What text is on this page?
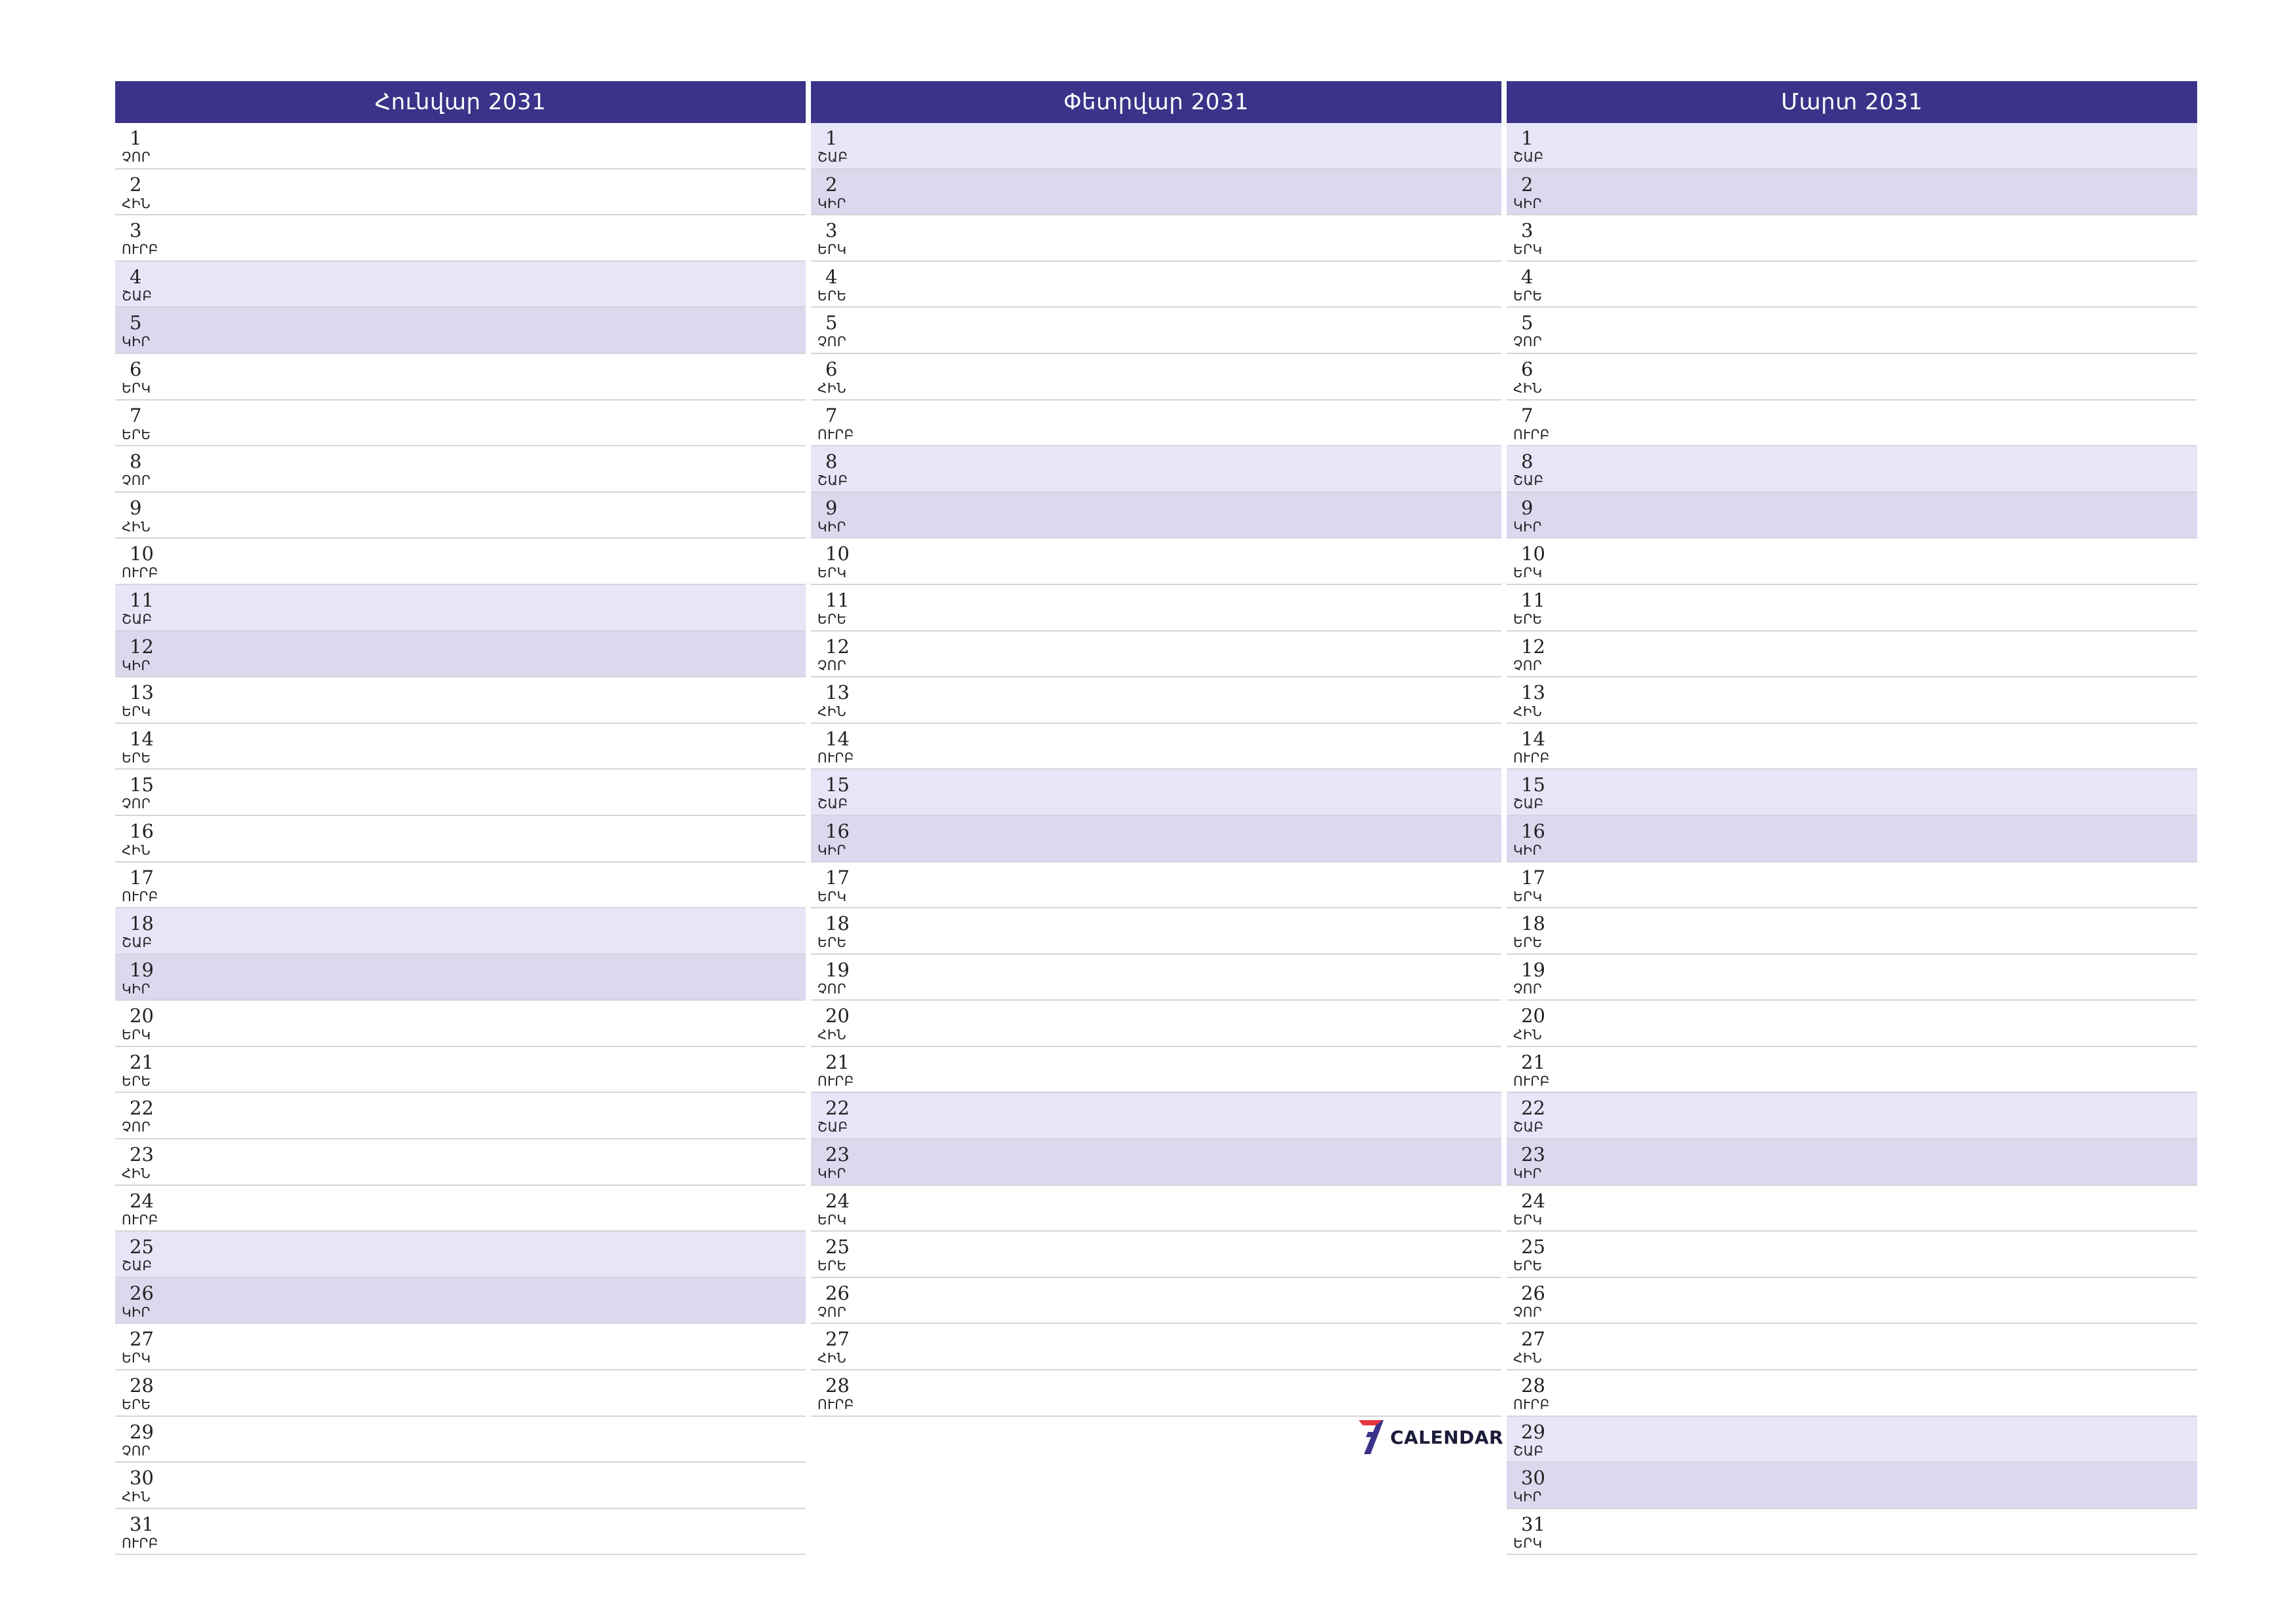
Հունվար 2031
1
ՉՈՐ
2
ՀԻՆ
3
ՈՒՐԲ
4
ՇԱԲ
5
ԿԻՐ
6
ԵՐԿ
7
ԵՐԵ
8
ՉՈՐ
9
ՀԻՆ
10
ՈՒՐԲ
11
ՇԱԲ
12
ԿԻՐ
13
ԵՐԿ
14
ԵՐԵ
15
ՉՈՐ
16
ՀԻՆ
17
ՈՒՐԲ
18
ՇԱԲ
19
ԿԻՐ
20
ԵՐԿ
21
ԵՐԵ
22
ՉՈՐ
23
ՀԻՆ
24
ՈՒՐԲ
25
ՇԱԲ
26
ԿԻՐ
27
ԵՐԿ
28
ԵՐԵ
29
ՉՈՐ
30
ՀԻՆ
31
ՈՒՐԲ
Փետրվար 2031
1
ՇԱԲ
2
ԿԻՐ
3
ԵՐԿ
4
ԵՐԵ
5
ՉՈՐ
6
ՀԻՆ
7
ՈՒՐԲ
8
ՇԱԲ
9
ԿԻՐ
10
ԵՐԿ
11
ԵՐԵ
12
ՉՈՐ
13
ՀԻՆ
14
ՈՒՐԲ
15
ՇԱԲ
16
ԿԻՐ
17
ԵՐԿ
18
ԵՐԵ
19
ՉՈՐ
20
ՀԻՆ
21
ՈՒՐԲ
22
ՇԱԲ
23
ԿԻՐ
24
ԵՐԿ
25
ԵՐԵ
26
ՉՈՐ
27
ՀԻՆ
28
ՈՒՐԲ
Մարտ 2031
1
ՇԱԲ
2
ԿԻՐ
3
ԵՐԿ
4
ԵՐԵ
5
ՉՈՐ
6
ՀԻՆ
7
ՈՒՐԲ
8
ՇԱԲ
9
ԿԻՐ
10
ԵՐԿ
11
ԵՐԵ
12
ՉՈՐ
13
ՀԻՆ
14
ՈՒՐԲ
15
ՇԱԲ
16
ԿԻՐ
17
ԵՐԿ
18
ԵՐԵ
19
ՉՈՐ
20
ՀԻՆ
21
ՈՒՐԲ
22
ՇԱԲ
23
ԿԻՐ
24
ԵՐԿ
25
ԵՐԵ
26
ՉՈՐ
27
ՀԻՆ
28
ՈՒՐԲ
29
ՇԱԲ
30
ԿԻՐ
31
ԵՐԿ
CALENDAR
